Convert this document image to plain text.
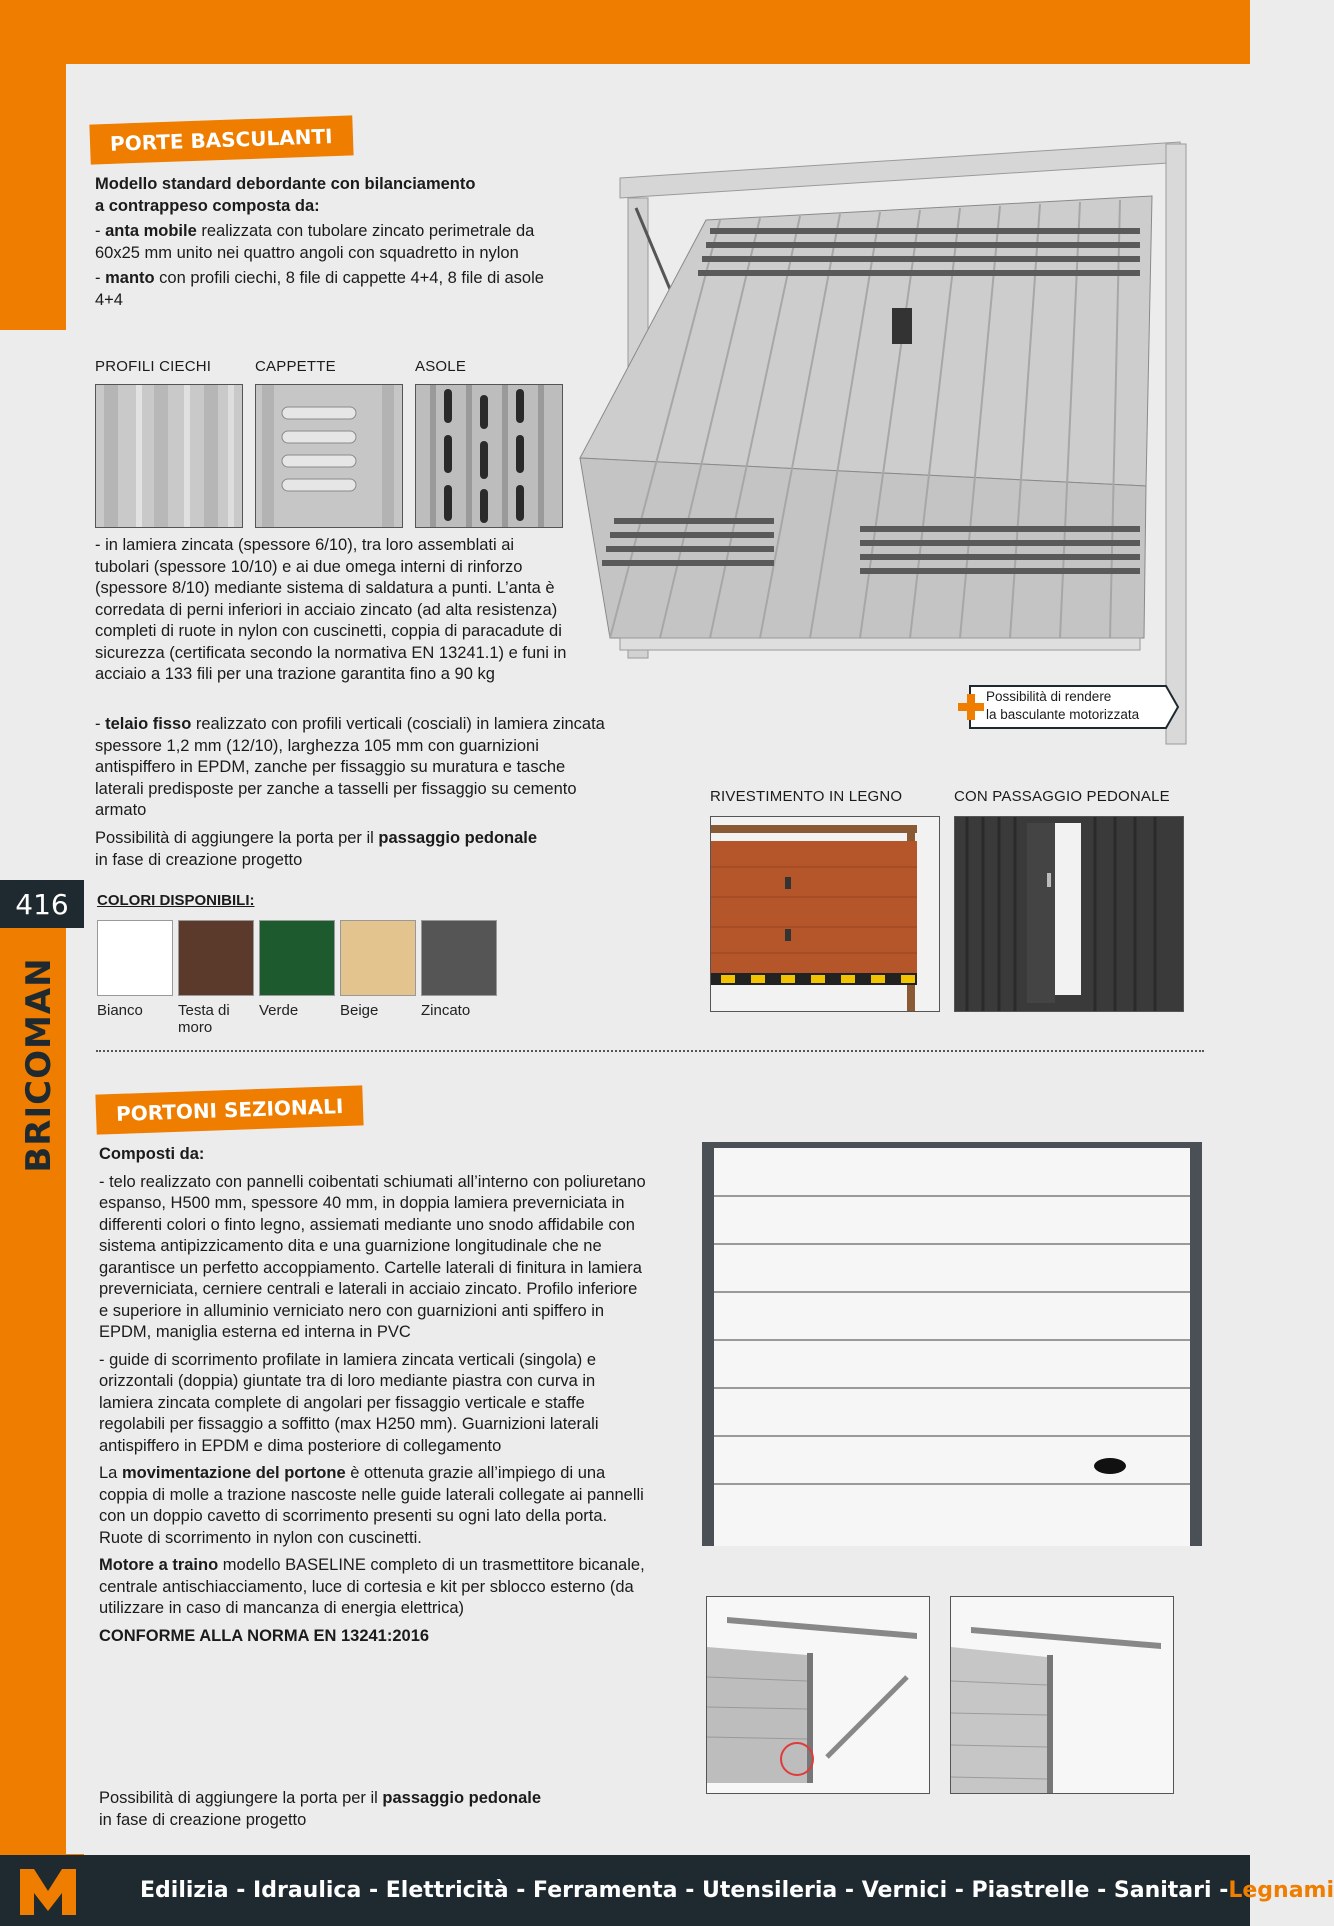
416
BRICOMAN
PORTE BASCULANTI

Modello standard debordante con bilanciamento

a contrappeso composta da:

- anta mobile realizzata con tubolare zincato perimetrale da 60x25 mm unito nei quattro angoli con squadretto in nylon

- manto con profili ciechi, 8 file di cappette 4+4, 8 file di asole 4+4

PROFILI CIECHI	CAPPETTE	ASOLE
- in lamiera zincata (spessore 6/10), tra loro assemblati ai tubolari (spessore 10/10) e ai due omega interni di rinforzo (spessore 8/10) mediante sistema di saldatura a punti. L’anta è corredata di perni inferiori in acciaio zincato (ad alta resistenza) completi di ruote in nylon con cuscinetti, coppia di paracadute di sicurezza (certificata secondo la normativa EN 13241.1) e funi in acciaio a 133 fili per una trazione garantita fino a 90 kg
- telaio fisso realizzato con profili verticali (cosciali) in lamiera zincata spessore 1,2 mm (12/10), larghezza 105 mm con guarnizioni antispiffero in EPDM, zanche per fissaggio su muratura e tasche laterali predisposte per zanche a tasselli per fissaggio su cemento armato
Possibilità di aggiungere la porta per il passaggio pedonale
in fase di creazione progetto
COLORI DISPONIBILI:
Bianco Testa di moro
Verde	Beige	Zincato
Possibilità di rendere
la basculante motorizzata
RIVESTIMENTO IN LEGNO	CON PASSAGGIO PEDONALE
PORTONI SEZIONALI

Composti da:

- telo realizzato con pannelli coibentati schiumati all’interno con poliuretano espanso, H500 mm, spessore 40 mm, in doppia lamiera preverniciata in differenti colori o finto legno, assiemati mediante uno snodo affidabile con sistema antipizzicamento dita e una guarnizione longitudinale che ne garantisce un perfetto accoppiamento. Cartelle laterali di finitura in lamiera preverniciata, cerniere centrali e laterali in acciaio zincato. Profilo inferiore e superiore in alluminio verniciato nero con guarnizioni anti spiffero in EPDM, maniglia esterna ed interna in PVC

- guide di scorrimento profilate in lamiera zincata verticali (singola) e orizzontali (doppia) giuntate tra di loro mediante piastra con curva in lamiera zincata complete di angolari per fissaggio verticale e staffe regolabili per fissaggio a soffitto (max H250 mm). Guarnizioni laterali antispiffero in EPDM e dima posteriore di collegamento

La movimentazione del portone è ottenuta grazie all’impiego di una coppia di molle a trazione nascoste nelle guide laterali collegate ai pannelli con un doppio cavetto di scorrimento presenti su ogni lato della porta. Ruote di scorrimento in nylon con cuscinetti.

Motore a traino modello BASELINE completo di un trasmettitore bicanale, centrale antischiacciamento, luce di cortesia e kit per sblocco esterno (da utilizzare in caso di mancanza di energia elettrica)

CONFORME ALLA NORMA EN 13241:2016

Possibilità di aggiungere la porta per il passaggio pedonale
in fase di creazione progetto
Edilizia - Idraulica - Elettricità - Ferramenta - Utensileria - Vernici - Piastrelle - Sanitari - Legnami
